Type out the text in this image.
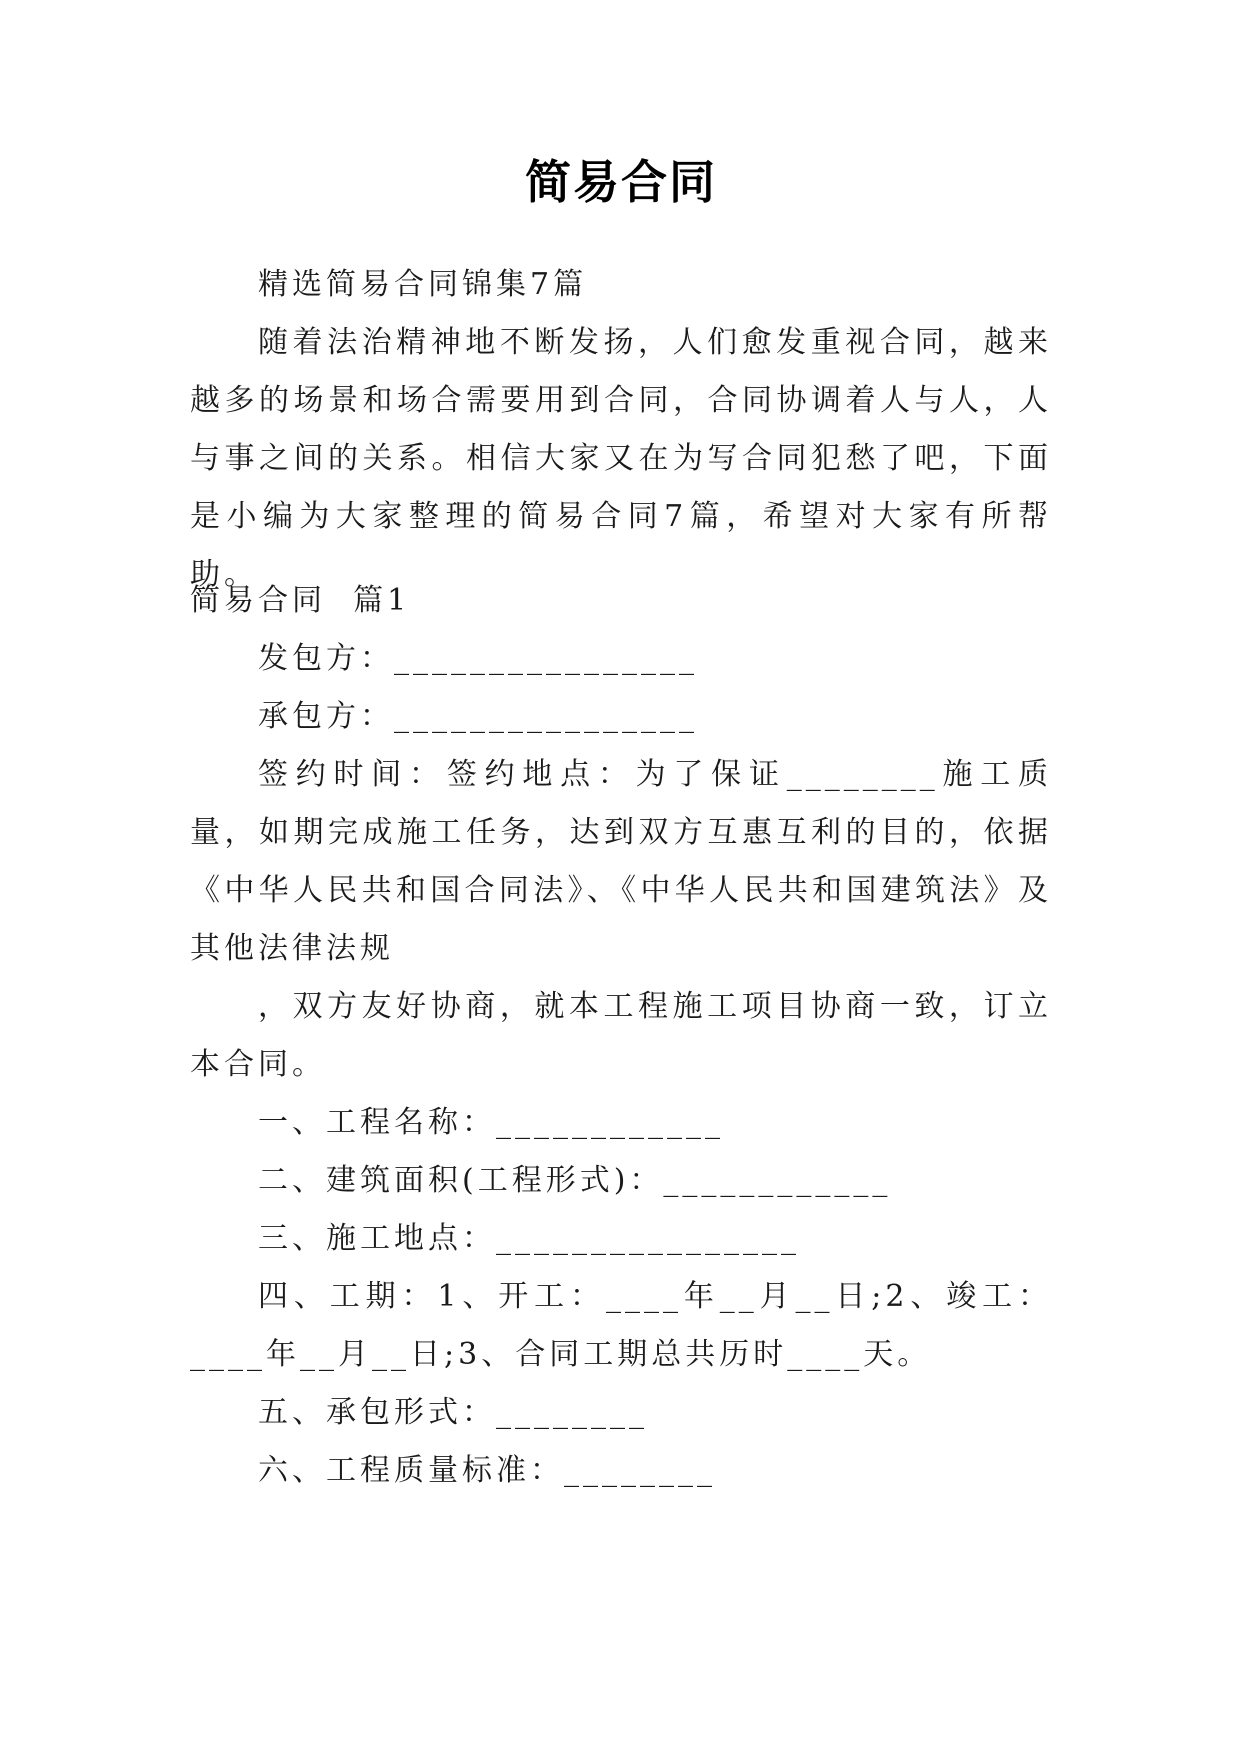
简易合同

精选简易合同锦集7篇

随着法治精神地不断发扬，人们愈发重视合同，越来越多的场景和场合需要用到合同，合同协调着人与人，人与事之间的关系。相信大家又在为写合同犯愁了吧，下面是小编为大家整理的简易合同7篇，希望对大家有所帮助。

简易合同  篇1

发包方：________________

承包方：________________

签约时间：签约地点：为了保证________施工质量，如期完成施工任务，达到双方互惠互利的目的，依据《中华人民共和国合同法》、《中华人民共和国建筑法》及其他法律法规

，双方友好协商，就本工程施工项目协商一致，订立本合同。

一、工程名称：____________

二、建筑面积(工程形式)：____________

三、施工地点：________________

四、工期：1、开工：____年__月__日;2、竣工：____年__月__日;3、合同工期总共历时____天。

五、承包形式：________

六、工程质量标准：________
